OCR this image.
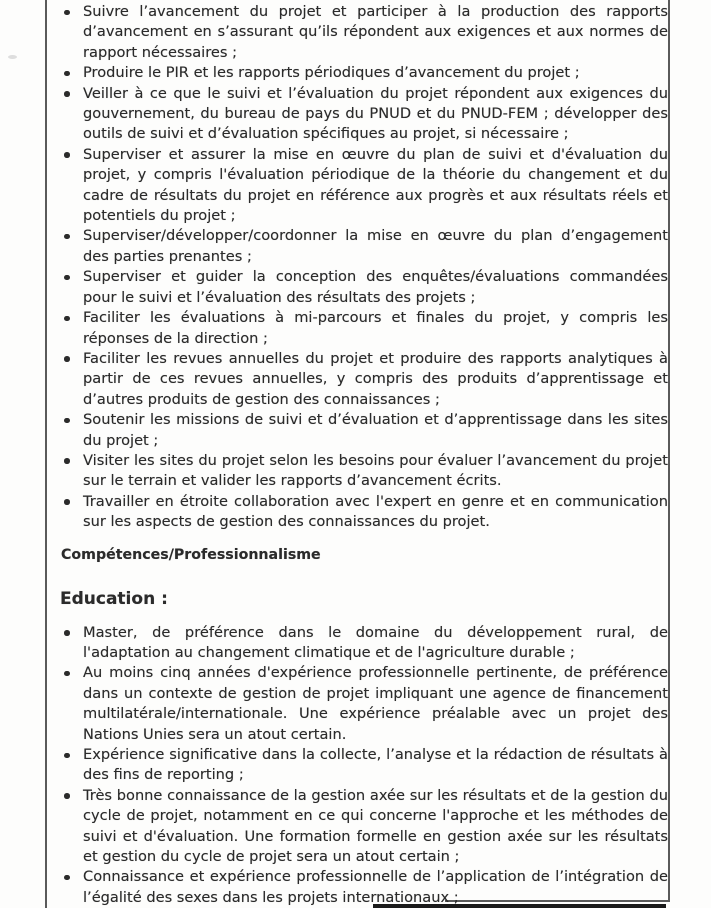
Suivre l’avancement du projet et participer à la production des rapports d’avancement en s’assurant qu’ils répondent aux exigences et aux normes de rapport nécessaires ;
Produire le PIR et les rapports périodiques d’avancement du projet ;
Veiller à ce que le suivi et l’évaluation du projet répondent aux exigences du gouvernement, du bureau de pays du PNUD et du PNUD-FEM ; développer des outils de suivi et d’évaluation spécifiques au projet, si nécessaire ;
Superviser et assurer la mise en œuvre du plan de suivi et d'évaluation du projet, y compris l'évaluation périodique de la théorie du changement et du cadre de résultats du projet en référence aux progrès et aux résultats réels et potentiels du projet ;
Superviser/développer/coordonner la mise en œuvre du plan d’engagement des parties prenantes ;
Superviser et guider la conception des enquêtes/évaluations commandées pour le suivi et l’évaluation des résultats des projets ;
Faciliter les évaluations à mi-parcours et finales du projet, y compris les réponses de la direction ;
Faciliter les revues annuelles du projet et produire des rapports analytiques à partir de ces revues annuelles, y compris des produits d’apprentissage et d’autres produits de gestion des connaissances ;
Soutenir les missions de suivi et d’évaluation et d’apprentissage dans les sites du projet ;
Visiter les sites du projet selon les besoins pour évaluer l’avancement du projet sur le terrain et valider les rapports d’avancement écrits.
Travailler en étroite collaboration avec l'expert en genre et en communication sur les aspects de gestion des connaissances du projet.
Compétences/Professionnalisme
Education :
Master, de préférence dans le domaine du développement rural, de l'adaptation au changement climatique et de l'agriculture durable ;
Au moins cinq années d'expérience professionnelle pertinente, de préférence dans un contexte de gestion de projet impliquant une agence de financement multilatérale/internationale. Une expérience préalable avec un projet des Nations Unies sera un atout certain.
Expérience significative dans la collecte, l’analyse et la rédaction de résultats à des fins de reporting ;
Très bonne connaissance de la gestion axée sur les résultats et de la gestion du cycle de projet, notamment en ce qui concerne l'approche et les méthodes de suivi et d'évaluation. Une formation formelle en gestion axée sur les résultats et gestion du cycle de projet sera un atout certain ;
Connaissance et expérience professionnelle de l’application de l’intégration de l’égalité des sexes dans les projets internationaux ;
